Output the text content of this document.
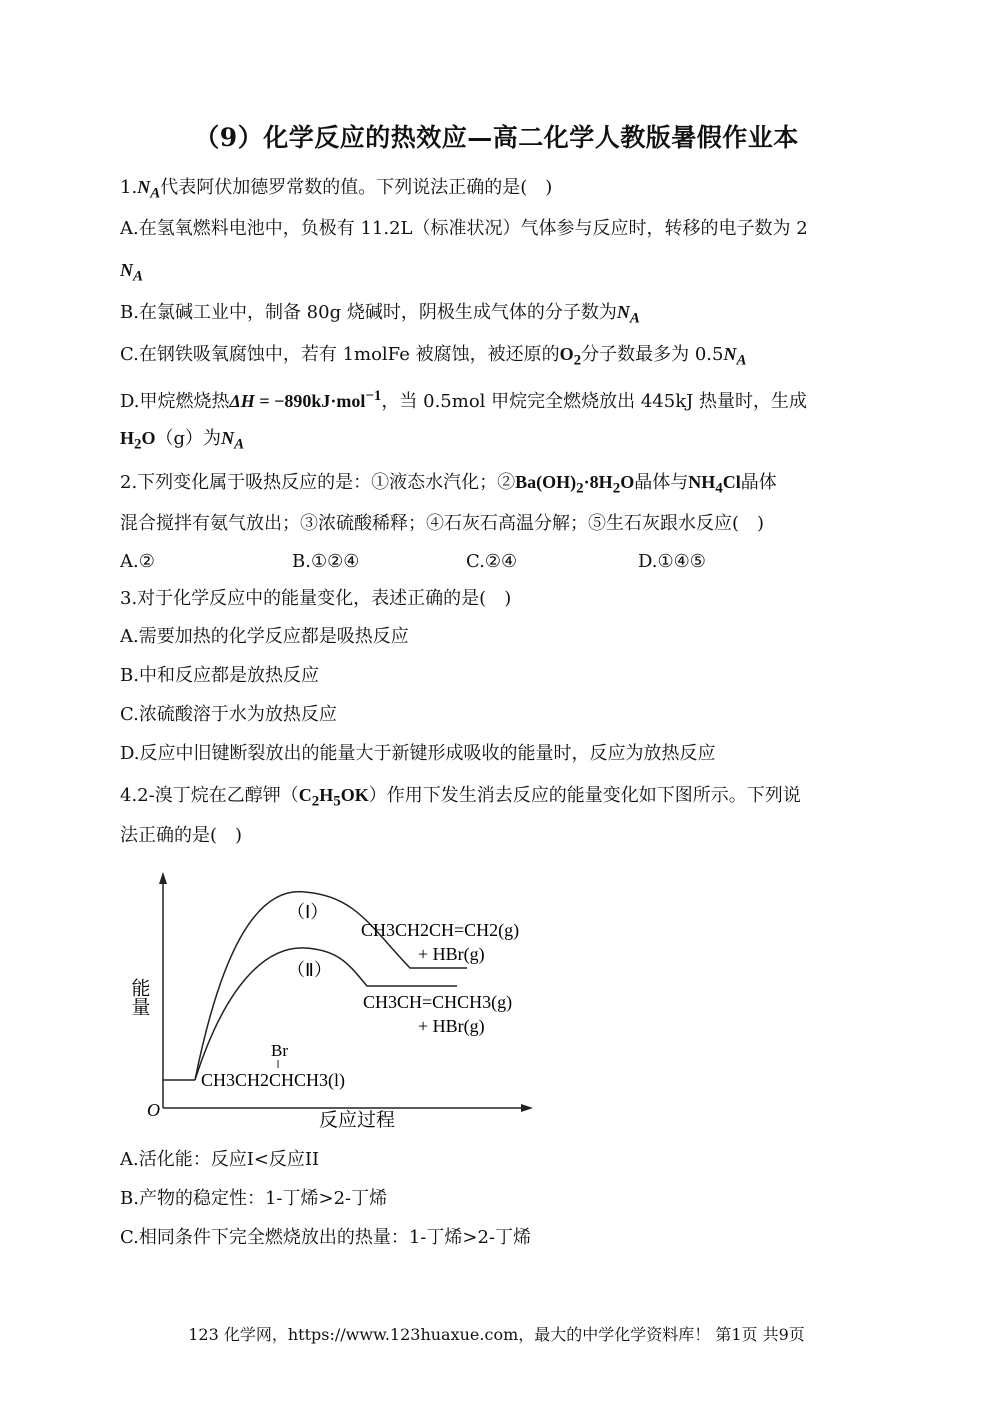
（9）化学反应的热效应—高二化学人教版暑假作业本
$1.N_A$代表阿伏加德罗常数的值。下列说法正确的是(　)
A.在氢氧燃料电池中，负极有 11.2L（标准状况）气体参与反应时，转移的电子数为 2
$N_A$
B.在氯碱工业中，制备 80g 烧碱时，阴极生成气体的分子数为$N_A$
C.在钢铁吸氧腐蚀中，若有 1molFe 被腐蚀，被还原的$O_2$分子数最多为 $0.5N_A$
D.甲烷燃烧热ΔH = −890kJ·mol$^{-1}$，当 0.5mol 甲烷完全燃烧放出 445kJ 热量时，生成
$H_2O(g)$为$N_A$
2.下列变化属于吸热反应的是：①液态水汽化；$②Ba(OH)_2\cdot 8H_2O$晶体与$NH_4Cl$晶体
混合搅拌有氨气放出；③浓硫酸稀释；④石灰石高温分解；⑤生石灰跟水反应(　)
A.②	B.①②④	C.②④	D.①④⑤
3.对于化学反应中的能量变化，表述正确的是(　)
A.需要加热的化学反应都是吸热反应
B.中和反应都是放热反应
C.浓硫酸溶于水为放热反应
D.反应中旧键断裂放出的能量大于新键形成吸收的能量时，反应为放热反应
4.2-溴丁烷在乙醇钾$(C_2H_5OK)$作用下发生消去反应的能量变化如下图所示。下列说
法正确的是(　)
（Ⅰ）
（Ⅱ）
CH3CH2CH=CH2(g)
+ HBr(g)
CH3CH=CHCH3(g)
+ HBr(g)
Br
CH3CH2CHCH3(l)
O	反应过程
能量
A.活化能：反应I<反应II
B.产物的稳定性：1-丁烯>2-丁烯
C.相同条件下完全燃烧放出的热量：1-丁烯>2-丁烯
123 化学网，https://www.123huaxue.com，最大的中学化学资料库！ 第1页 共9页
